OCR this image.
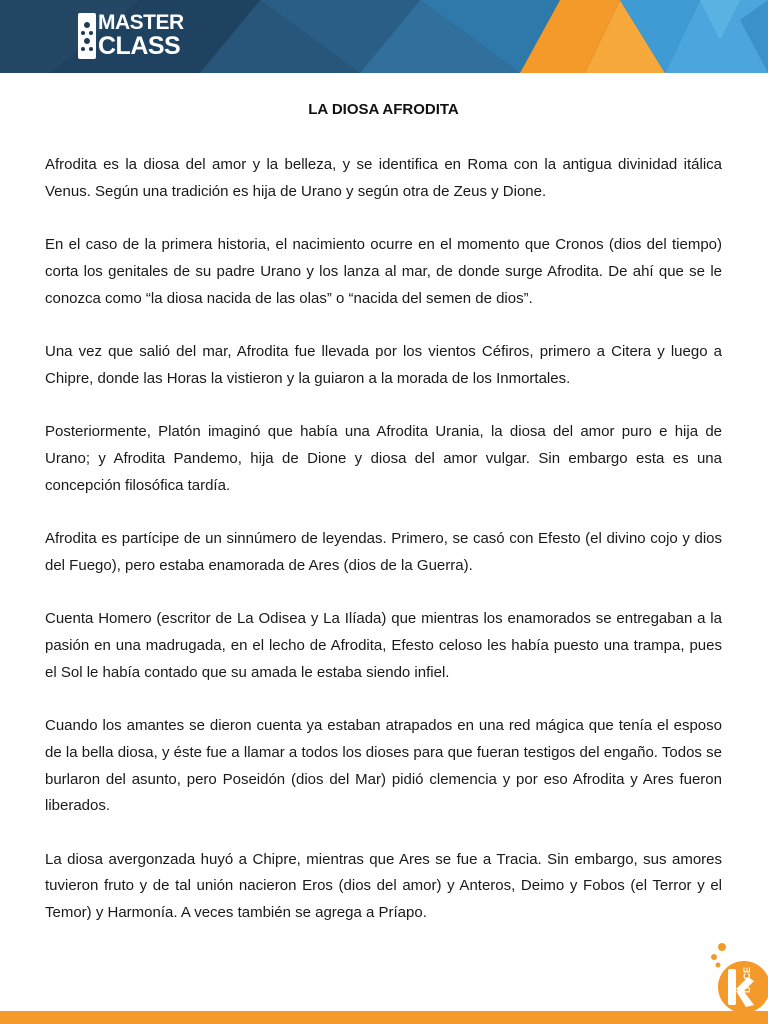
MASTER
CLASS
LA DIOSA AFRODITA

Afrodita es la diosa del amor y la belleza, y se identifica en Roma con la antigua divinidad itálica Venus. Según una tradición es hija de Urano y según otra de Zeus y Dione.

En el caso de la primera historia, el nacimiento ocurre en el momento que Cronos (dios del tiempo) corta los genitales de su padre Urano y los lanza al mar, de donde surge Afrodita. De ahí que se le conozca como “la diosa nacida de las olas” o “nacida del semen de dios”.

Una vez que salió del mar, Afrodita fue llevada por los vientos Céfiros, primero a Citera y luego a Chipre, donde las Horas la vistieron y la guiaron a la morada de los Inmortales.

Posteriormente, Platón imaginó que había una Afrodita Urania, la diosa del amor puro e hija de Urano; y Afrodita Pandemo, hija de Dione y diosa del amor vulgar. Sin embargo esta es una concepción filosófica tardía.

Afrodita es partícipe de un sinnúmero de leyendas. Primero, se casó con Efesto (el divino cojo y dios del Fuego), pero estaba enamorada de Ares (dios de la Guerra).

Cuenta Homero (escritor de La Odisea y La Ilíada) que mientras los enamorados se entregaban a la pasión en una madrugada, en el lecho de Afrodita, Efesto celoso les había puesto una trampa, pues el Sol le había contado que su amada le estaba siendo infiel.

Cuando los amantes se dieron cuenta ya estaban atrapados en una red mágica que tenía el esposo de la bella diosa, y éste fue a llamar a todos los dioses para que fueran testigos del engaño. Todos se burlaron del asunto, pero Poseidón (dios del Mar) pidió clemencia y por eso Afrodita y Ares fueron liberados.

La diosa avergonzada huyó a Chipre, mientras que Ares se fue a Tracia. Sin embargo, sus amores tuvieron fruto y de tal unión nacieron Eros (dios del amor) y Anteros, Deimo y Fobos (el Terror y el Temor) y Harmonía. A veces también se agrega a Príapo.

DOCE
